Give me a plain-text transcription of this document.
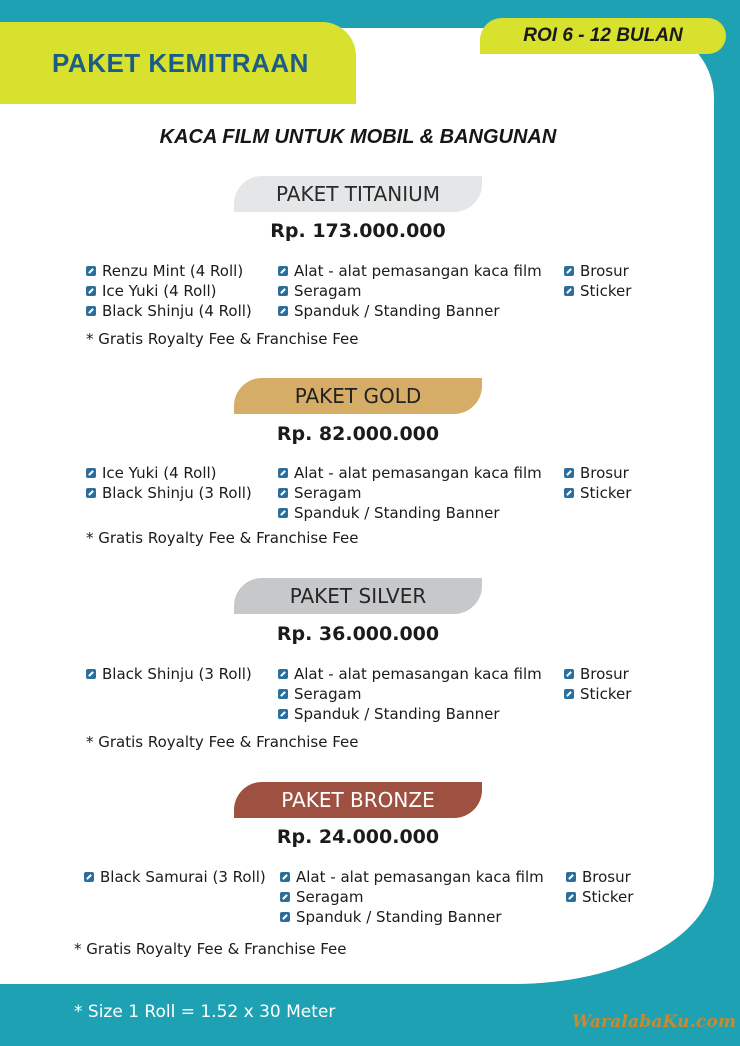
PAKET KEMITRAAN
ROI 6 - 12 BULAN
KACA FILM UNTUK MOBIL & BANGUNAN
PAKET TITANIUM
Rp. 173.000.000
Renzu Mint (4 Roll)
Ice Yuki (4 Roll)
Black Shinju (4 Roll)
Alat - alat pemasangan kaca film
Seragam
Spanduk / Standing Banner
Brosur
Sticker
* Gratis Royalty Fee & Franchise Fee
PAKET GOLD
Rp. 82.000.000
Ice Yuki (4 Roll)
Black Shinju (3 Roll)
Alat - alat pemasangan kaca film
Seragam
Spanduk / Standing Banner
Brosur
Sticker
* Gratis Royalty Fee & Franchise Fee
PAKET SILVER
Rp. 36.000.000
Black Shinju (3 Roll)	Alat - alat pemasangan kaca film
Seragam
Spanduk / Standing Banner
Brosur
Sticker
* Gratis Royalty Fee & Franchise Fee
PAKET BRONZE
Rp. 24.000.000
Black Samurai (3 Roll) Alat - alat pemasangan kaca film
Seragam
Spanduk / Standing Banner
Brosur
Sticker
* Gratis Royalty Fee & Franchise Fee
* Size 1 Roll = 1.52 x 30 Meter	WaralabaKu.com
